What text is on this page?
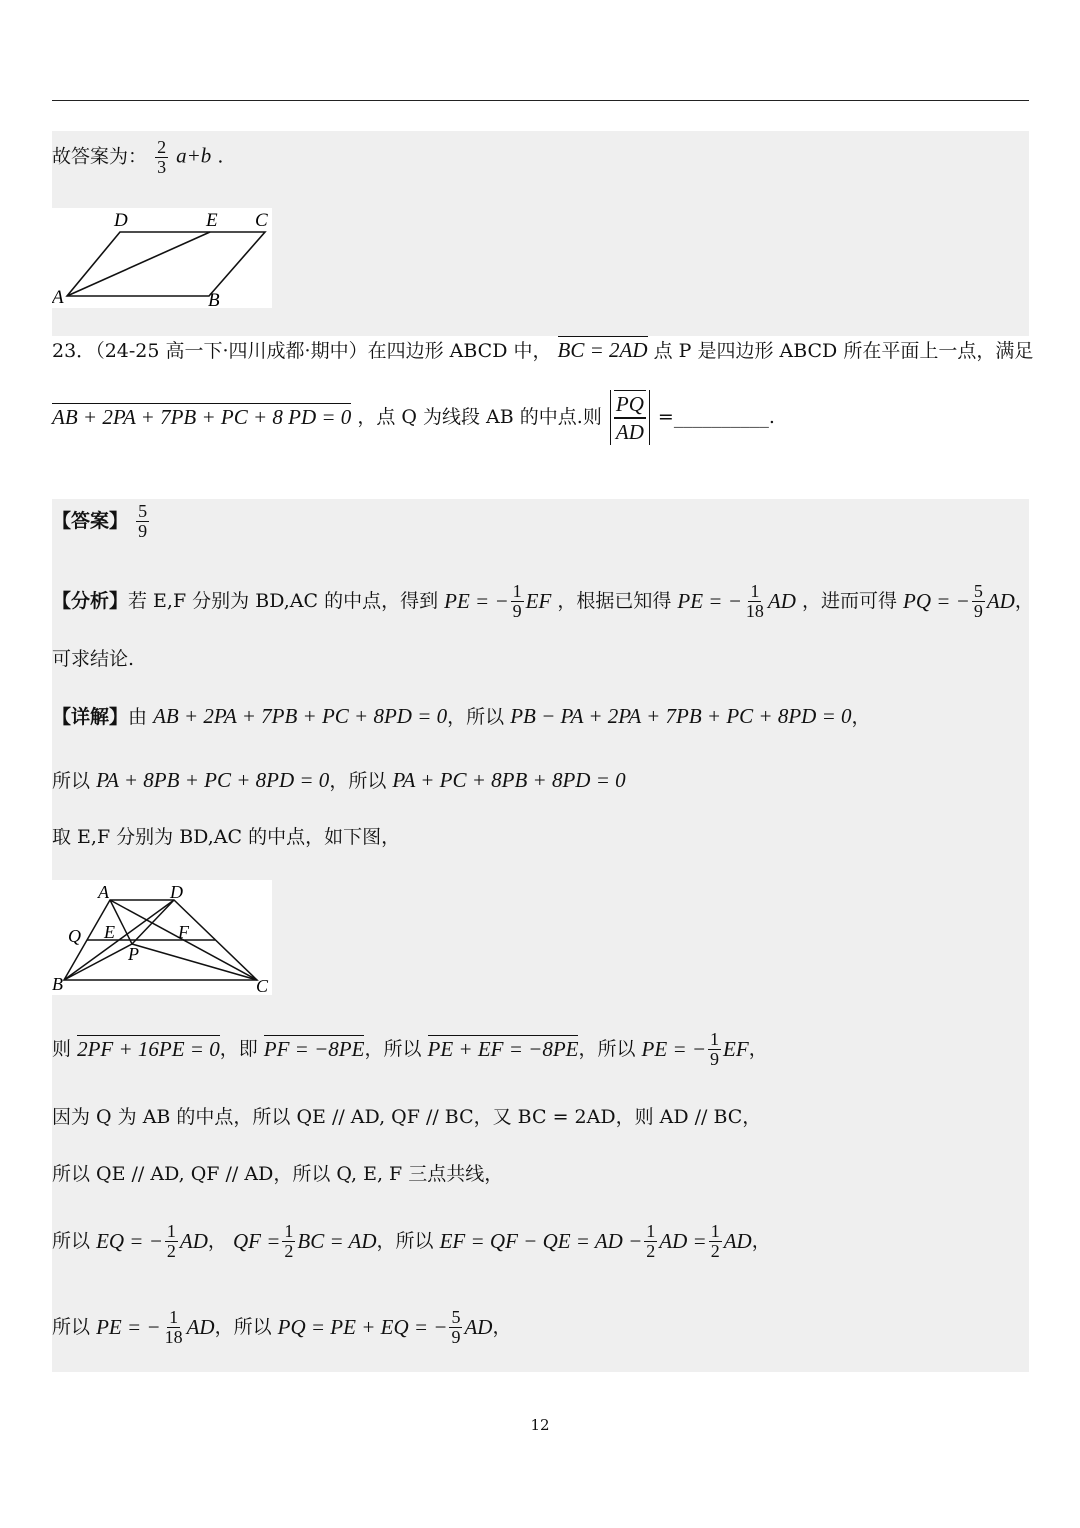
故答案为： $\frac{2}{3} a+b$ .
D	E C
A	B
23．（24-25 高一下·四川成都·期中）在四边形 ABCD 中， BC = 2AD 点 P 是四边形 ABCD 所在平面上一点，满足
AB + 2PA + 7PB + PC + 8 PD = 0 ，点 Q 为线段 AB 的中点.则 $\frac{PQ}{AD}$ =__________.
【答案】 $\frac{5}{9}$
【分析】若 E,F 分别为 BD,AC 的中点，得到 PE = − $\frac{1}{9}$ EF ，根据已知得 PE = − $\frac{1}{18}$ AD ，进而可得 PQ = − $\frac{5}{9}$ AD，
可求结论.
【详解】由 AB + 2PA + 7PB + PC + 8PD = 0，所以 PB − PA + 2PA + 7PB + PC + 8PD = 0，
所以 PA + 8PB + PC + 8PD = 0，所以 PA + PC + 8PB + 8PD = 0
取 E,F 分别为 BD,AC 的中点，如下图，
A	D
Q E	F
P
B	C
则 2PF + 16PE = 0，即 PF = −8PE，所以 PE + EF = −8PE，所以 PE = − $\frac{1}{9}$ EF，
因为 Q 为 AB 的中点，所以 QE // AD, QF // BC，又 BC = 2AD，则 AD // BC，
所以 QE // AD, QF // AD，所以 Q, E, F 三点共线，
所以 EQ = − $\frac{1}{2}$ AD， QF = $\frac{1}{2}$ BC = AD，所以 EF = QF − QE = AD − $\frac{1}{2}$ AD = $\frac{1}{2}$ AD，
所以 PE = − $\frac{1}{18}$ AD，所以 PQ = PE + EQ = − $\frac{5}{9}$ AD，
12
